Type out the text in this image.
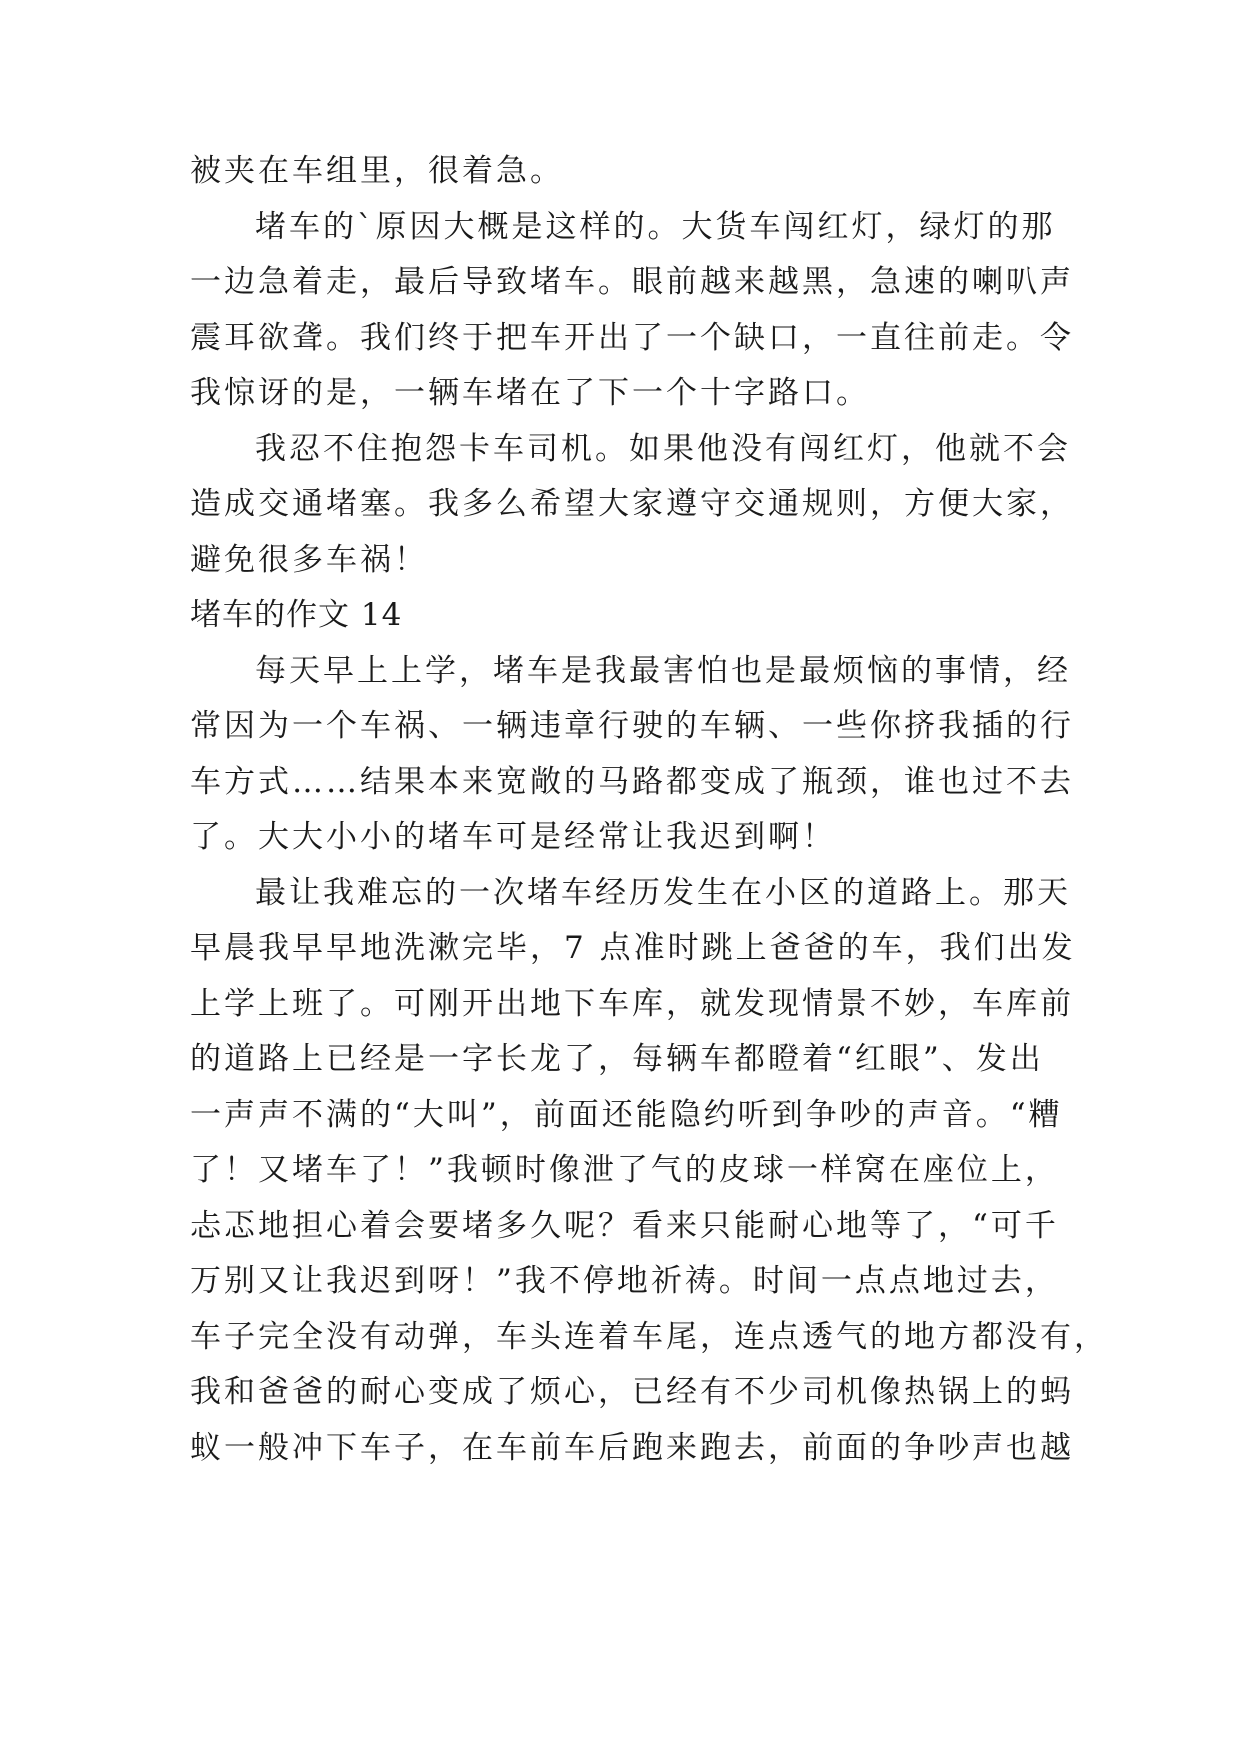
被夹在车组里，很着急。
堵车的`原因大概是这样的。大货车闯红灯，绿灯的那
一边急着走，最后导致堵车。眼前越来越黑，急速的喇叭声
震耳欲聋。我们终于把车开出了一个缺口，一直往前走。令
我惊讶的是，一辆车堵在了下一个十字路口。
我忍不住抱怨卡车司机。如果他没有闯红灯，他就不会
造成交通堵塞。我多么希望大家遵守交通规则，方便大家，
避免很多车祸！
堵车的作文 14
每天早上上学，堵车是我最害怕也是最烦恼的事情，经
常因为一个车祸、一辆违章行驶的车辆、一些你挤我插的行
车方式……结果本来宽敞的马路都变成了瓶颈，谁也过不去
了。大大小小的堵车可是经常让我迟到啊！
最让我难忘的一次堵车经历发生在小区的道路上。那天
早晨我早早地洗漱完毕，7 点准时跳上爸爸的车，我们出发
上学上班了。可刚开出地下车库，就发现情景不妙，车库前
的道路上已经是一字长龙了，每辆车都瞪着“红眼”、发出
一声声不满的“大叫”，前面还能隐约听到争吵的声音。“糟
了！又堵车了！”我顿时像泄了气的皮球一样窝在座位上，
忐忑地担心着会要堵多久呢？看来只能耐心地等了，“可千
万别又让我迟到呀！”我不停地祈祷。时间一点点地过去，
车子完全没有动弹，车头连着车尾，连点透气的地方都没有，
我和爸爸的耐心变成了烦心，已经有不少司机像热锅上的蚂
蚁一般冲下车子，在车前车后跑来跑去，前面的争吵声也越
